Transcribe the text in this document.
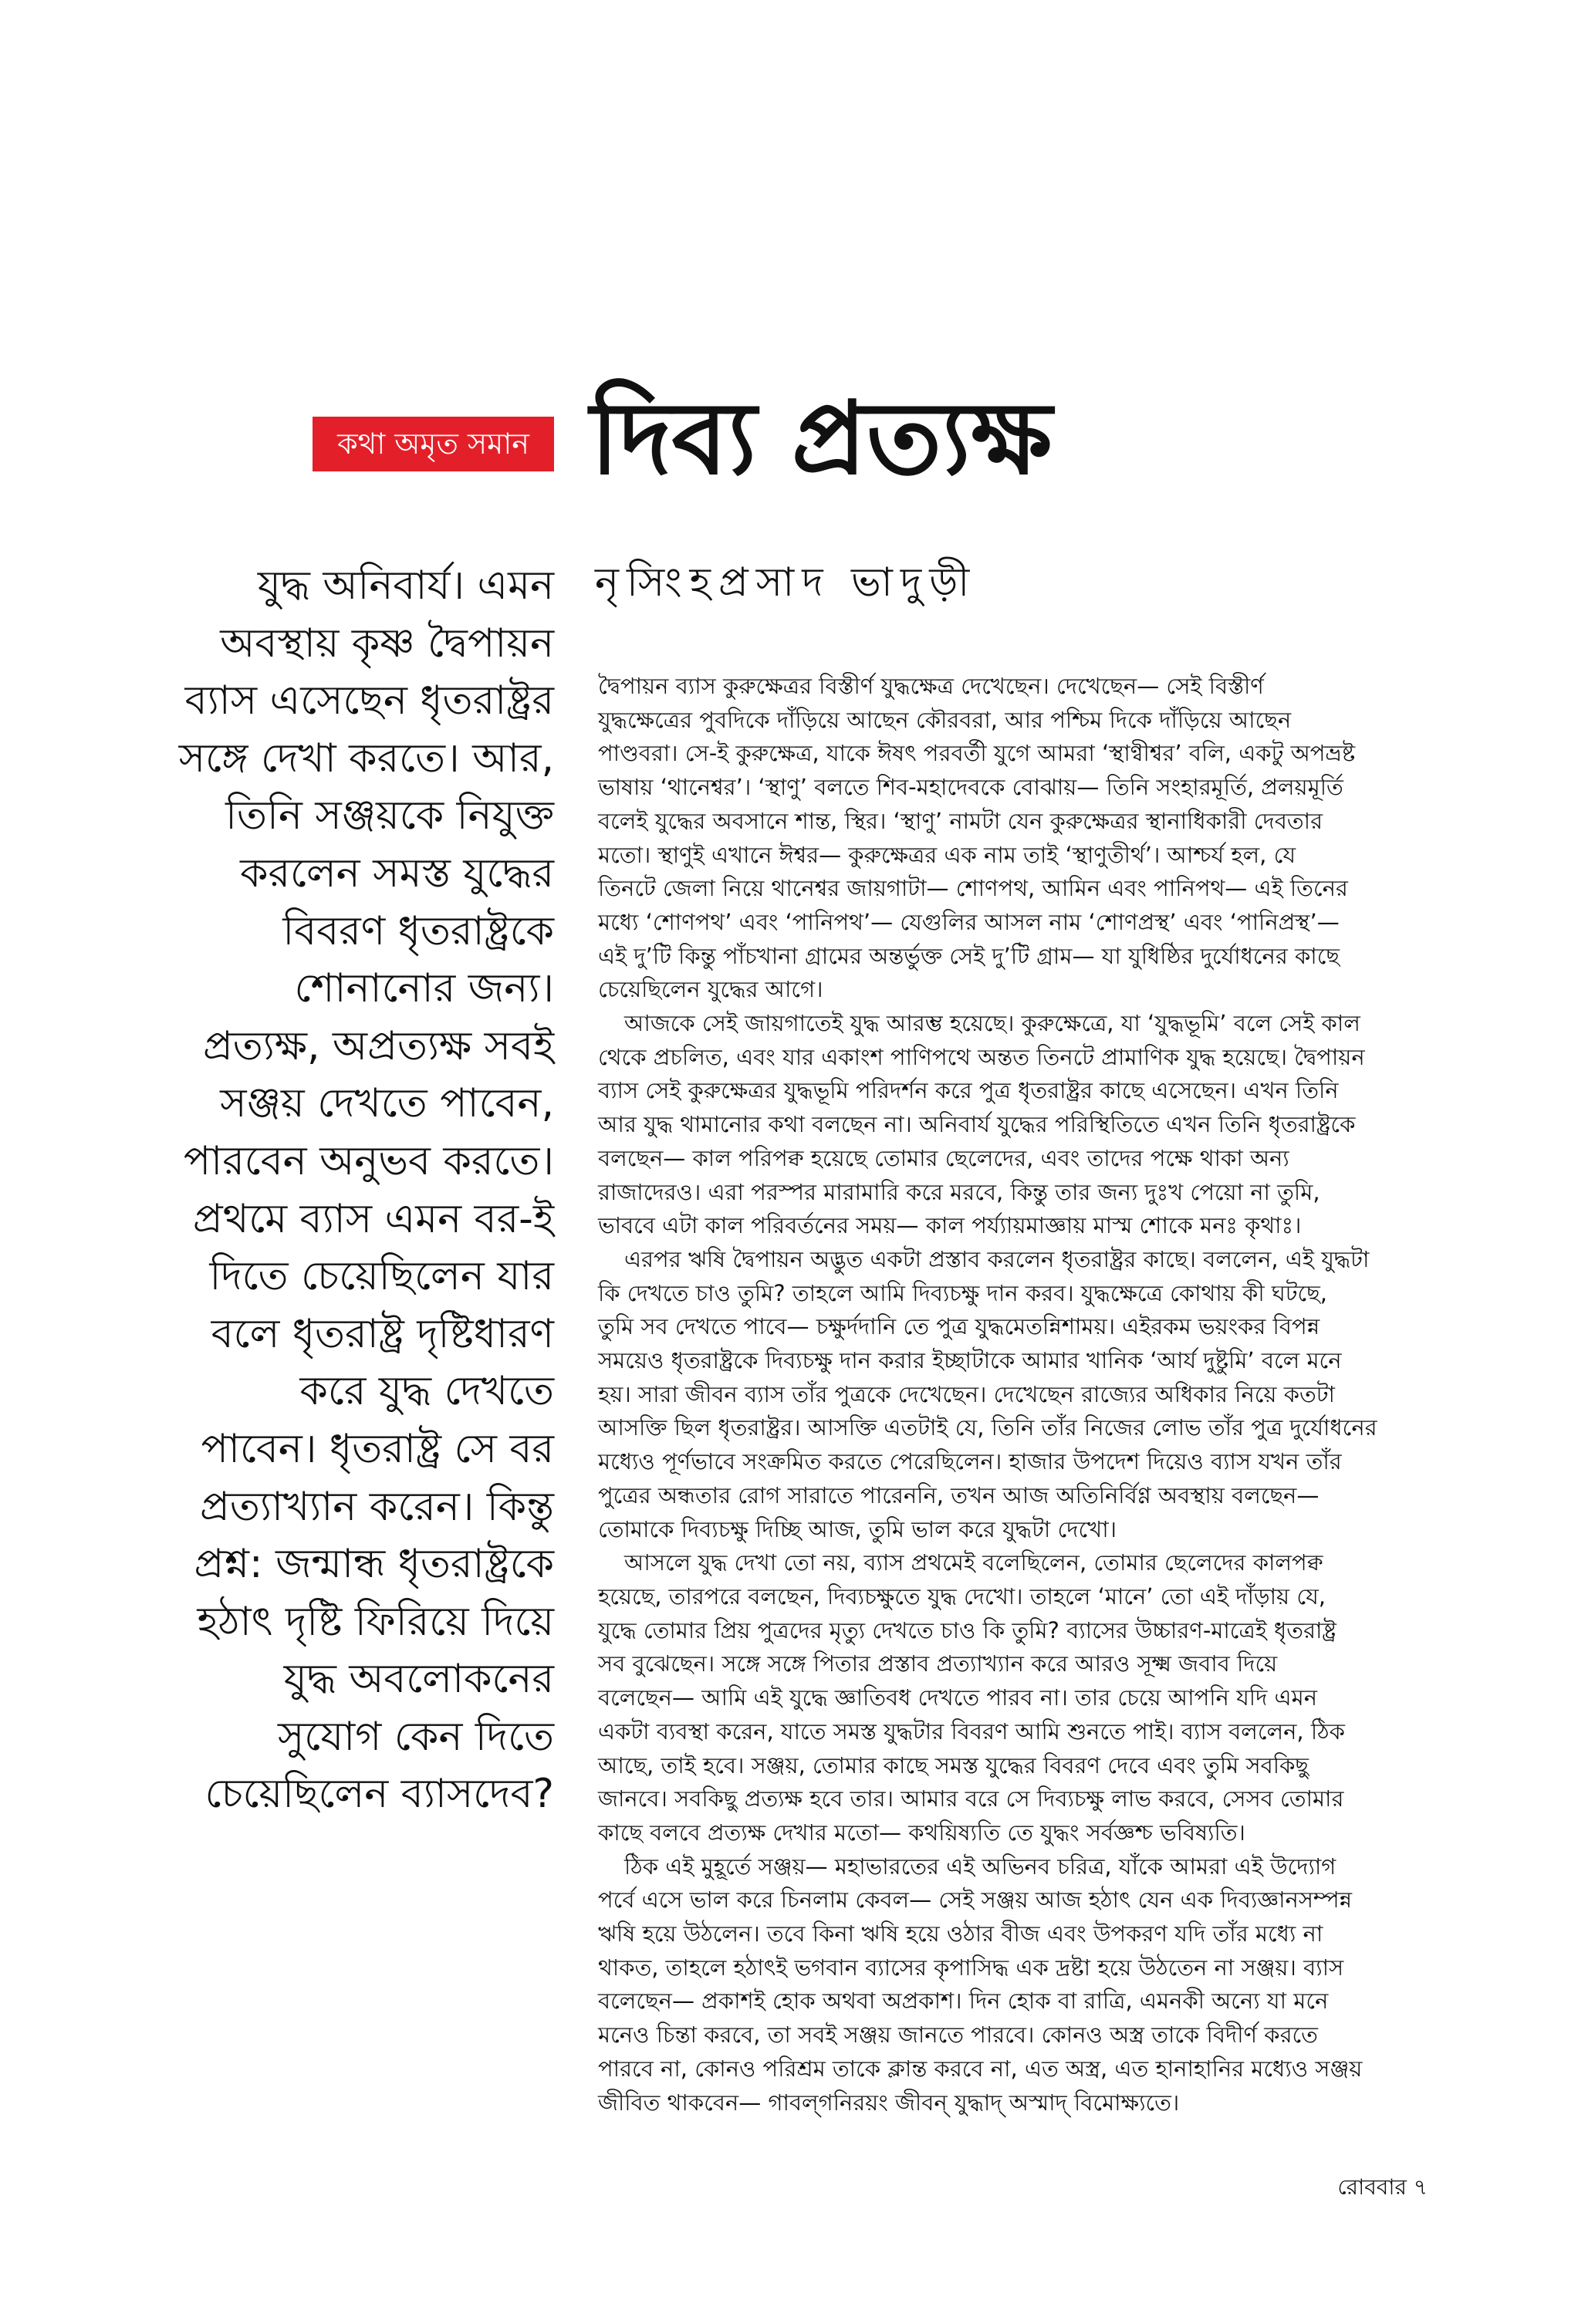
কথা অমৃত সমান দিব্য প্রত্যক্ষ
নৃসিংহপ্রসাদ ভাদুড়ী
যুদ্ধ অনিবার্য। এমন
অবস্থায় কৃষ্ণ দ্বৈপায়ন
ব্যাস এসেছেন ধৃতরাষ্ট্রর
সঙ্গে দেখা করতে। আর,
তিনি সঞ্জয়কে নিযুক্ত
করলেন সমস্ত যুদ্ধের
বিবরণ ধৃতরাষ্ট্রকে
শোনানোর জন্য।
প্রত্যক্ষ, অপ্রত্যক্ষ সবই
সঞ্জয় দেখতে পাবেন,
পারবেন অনুভব করতে।
প্রথমে ব্যাস এমন বর-ই
দিতে চেয়েছিলেন যার
বলে ধৃতরাষ্ট্র দৃষ্টিধারণ
করে যুদ্ধ দেখতে
পাবেন। ধৃতরাষ্ট্র সে বর
প্রত্যাখ্যান করেন। কিন্তু
প্রশ্ন: জন্মান্ধ ধৃতরাষ্ট্রকে
হঠাৎ দৃষ্টি ফিরিয়ে দিয়ে
যুদ্ধ অবলোকনের
সুযোগ কেন দিতে
চেয়েছিলেন ব্যাসদেব?
দ্বৈপায়ন ব্যাস কুরুক্ষেত্রর বিস্তীর্ণ যুদ্ধক্ষেত্র দেখেছেন। দেখেছেন— সেই বিস্তীর্ণ
যুদ্ধক্ষেত্রের পুবদিকে দাঁড়িয়ে আছেন কৌরবরা, আর পশ্চিম দিকে দাঁড়িয়ে আছেন
পাণ্ডবরা। সে-ই কুরুক্ষেত্র, যাকে ঈষৎ পরবর্তী যুগে আমরা ‘স্থাণ্বীশ্বর’ বলি, একটু অপভ্রষ্ট
ভাষায় ‘থানেশ্বর’। ‘স্থাণু’ বলতে শিব-মহাদেবকে বোঝায়— তিনি সংহারমূর্তি, প্রলয়মূর্তি
বলেই যুদ্ধের অবসানে শান্ত, স্থির। ‘স্থাণু’ নামটা যেন কুরুক্ষেত্রর স্থানাধিকারী দেবতার
মতো। স্থাণুই এখানে ঈশ্বর— কুরুক্ষেত্রর এক নাম তাই ‘স্থাণুতীর্থ’। আশ্চর্য হল, যে
তিনটে জেলা নিয়ে থানেশ্বর জায়গাটা— শোণপথ, আমিন এবং পানিপথ— এই তিনের
মধ্যে ‘শোণপথ’ এবং ‘পানিপথ’— যেগুলির আসল নাম ‘শোণপ্রস্থ’ এবং ‘পানিপ্রস্থ’—
এই দু’টি কিন্তু পাঁচখানা গ্রামের অন্তর্ভুক্ত সেই দু’টি গ্রাম— যা যুধিষ্ঠির দুর্যোধনের কাছে
চেয়েছিলেন যুদ্ধের আগে।
আজকে সেই জায়গাতেই যুদ্ধ আরম্ভ হয়েছে। কুরুক্ষেত্রে, যা ‘যুদ্ধভূমি’ বলে সেই কাল
থেকে প্রচলিত, এবং যার একাংশ পাণিপথে অন্তত তিনটে প্রামাণিক যুদ্ধ হয়েছে। দ্বৈপায়ন
ব্যাস সেই কুরুক্ষেত্রর যুদ্ধভূমি পরিদর্শন করে পুত্র ধৃতরাষ্ট্রর কাছে এসেছেন। এখন তিনি
আর যুদ্ধ থামানোর কথা বলছেন না। অনিবার্য যুদ্ধের পরিস্থিতিতে এখন তিনি ধৃতরাষ্ট্রকে
বলছেন— কাল পরিপক্ব হয়েছে তোমার ছেলেদের, এবং তাদের পক্ষে থাকা অন্য
রাজাদেরও। এরা পরস্পর মারামারি করে মরবে, কিন্তু তার জন্য দুঃখ পেয়ো না তুমি,
ভাববে এটা কাল পরিবর্তনের সময়— কাল পর্য্যায়মাজ্ঞায় মাস্ম শোকে মনঃ কৃথাঃ।
এরপর ঋষি দ্বৈপায়ন অদ্ভুত একটা প্রস্তাব করলেন ধৃতরাষ্ট্রর কাছে। বললেন, এই যুদ্ধটা
কি দেখতে চাও তুমি? তাহলে আমি দিব্যচক্ষু দান করব। যুদ্ধক্ষেত্রে কোথায় কী ঘটছে,
তুমি সব দেখতে পাবে— চক্ষুর্দদানি তে পুত্র যুদ্ধমেতন্নিশাময়। এইরকম ভয়ংকর বিপন্ন
সময়েও ধৃতরাষ্ট্রকে দিব্যচক্ষু দান করার ইচ্ছাটাকে আমার খানিক ‘আর্য দুষ্টুমি’ বলে মনে
হয়। সারা জীবন ব্যাস তাঁর পুত্রকে দেখেছেন। দেখেছেন রাজ্যের অধিকার নিয়ে কতটা
আসক্তি ছিল ধৃতরাষ্ট্রর। আসক্তি এতটাই যে, তিনি তাঁর নিজের লোভ তাঁর পুত্র দুর্যোধনের
মধ্যেও পূর্ণভাবে সংক্রমিত করতে পেরেছিলেন। হাজার উপদেশ দিয়েও ব্যাস যখন তাঁর
পুত্রের অন্ধতার রোগ সারাতে পারেননি, তখন আজ অতিনির্বিণ্ণ অবস্থায় বলছেন—
তোমাকে দিব্যচক্ষু দিচ্ছি আজ, তুমি ভাল করে যুদ্ধটা দেখো।
আসলে যুদ্ধ দেখা তো নয়, ব্যাস প্রথমেই বলেছিলেন, তোমার ছেলেদের কালপক্ব
হয়েছে, তারপরে বলছেন, দিব্যচক্ষুতে যুদ্ধ দেখো। তাহলে ‘মানে’ তো এই দাঁড়ায় যে,
যুদ্ধে তোমার প্রিয় পুত্রদের মৃত্যু দেখতে চাও কি তুমি? ব্যাসের উচ্চারণ-মাত্রেই ধৃতরাষ্ট্র
সব বুঝেছেন। সঙ্গে সঙ্গে পিতার প্রস্তাব প্রত্যাখ্যান করে আরও সূক্ষ্ম জবাব দিয়ে
বলেছেন— আমি এই যুদ্ধে জ্ঞাতিবধ দেখতে পারব না। তার চেয়ে আপনি যদি এমন
একটা ব্যবস্থা করেন, যাতে সমস্ত যুদ্ধটার বিবরণ আমি শুনতে পাই। ব্যাস বললেন, ঠিক
আছে, তাই হবে। সঞ্জয়, তোমার কাছে সমস্ত যুদ্ধের বিবরণ দেবে এবং তুমি সবকিছু
জানবে। সবকিছু প্রত্যক্ষ হবে তার। আমার বরে সে দিব্যচক্ষু লাভ করবে, সেসব তোমার
কাছে বলবে প্রত্যক্ষ দেখার মতো— কথয়িষ্যতি তে যুদ্ধং সর্বজ্ঞশ্চ ভবিষ্যতি।
ঠিক এই মুহূর্তে সঞ্জয়— মহাভারতের এই অভিনব চরিত্র, যাঁকে আমরা এই উদ্যোগ
পর্বে এসে ভাল করে চিনলাম কেবল— সেই সঞ্জয় আজ হঠাৎ যেন এক দিব্যজ্ঞানসম্পন্ন
ঋষি হয়ে উঠলেন। তবে কিনা ঋষি হয়ে ওঠার বীজ এবং উপকরণ যদি তাঁর মধ্যে না
থাকত, তাহলে হঠাৎই ভগবান ব্যাসের কৃপাসিদ্ধ এক দ্রষ্টা হয়ে উঠতেন না সঞ্জয়। ব্যাস
বলেছেন— প্রকাশই হোক অথবা অপ্রকাশ। দিন হোক বা রাত্রি, এমনকী অন্যে যা মনে
মনেও চিন্তা করবে, তা সবই সঞ্জয় জানতে পারবে। কোনও অস্ত্র তাকে বিদীর্ণ করতে
পারবে না, কোনও পরিশ্রম তাকে ক্লান্ত করবে না, এত অস্ত্র, এত হানাহানির মধ্যেও সঞ্জয়
জীবিত থাকবেন— গাবল্‌গনিরয়ং জীবন্‌ যুদ্ধাদ্‌ অস্মাদ্‌ বিমোক্ষ্যতে।
রোববার ৭
